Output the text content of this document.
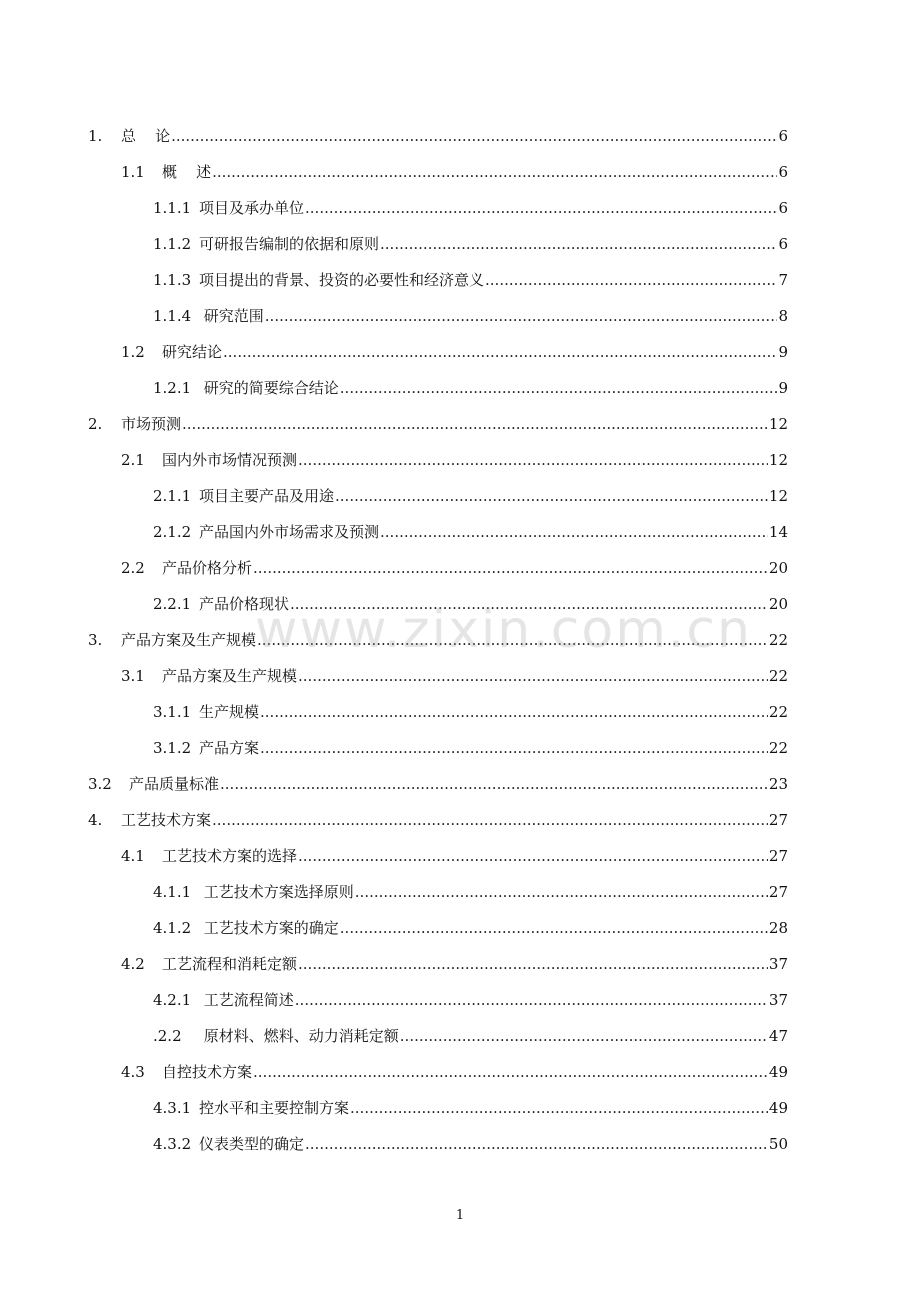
1.	总    论 .....	6
1.1	概    述 .....	6
1.1.1 项目及承办单位 .....	6
1.1.2 可研报告编制的依据和原则 .....	6
1.1.3 项目提出的背景、投资的必要性和经济意义 .....	7
1.1.4 研究范围 .....	8
1.2	研究结论 .....	9
1.2.1 研究的简要综合结论 .....	9
2.	市场预测 .....	12
2.1	国内外市场情况预测 .....	12
2.1.1 项目主要产品及用途 .....	12
2.1.2 产品国内外市场需求及预测 .....	14
2.2	产品价格分析 .....	20
2.2.1 产品价格现状 .....	20
3.	产品方案及生产规模 .....	22
3.1	产品方案及生产规模 .....	22
3.1.1 生产规模 .....	22
3.1.2 产品方案 .....	22
3.2	产品质量标准 .....	23
4.	工艺技术方案 .....	27
4.1	工艺技术方案的选择 .....	27
4.1.1 工艺技术方案选择原则 .....	27
4.1.2 工艺技术方案的确定 .....	28
4.2	工艺流程和消耗定额 .....	37
4.2.1 工艺流程简述 .....	37
.2.2	原材料、燃料、动力消耗定额 .....	47
4.3	自控技术方案 .....	49
4.3.1 控水平和主要控制方案 .....	49
4.3.2 仪表类型的确定 .....	50
www.zixin.com.cn
1
